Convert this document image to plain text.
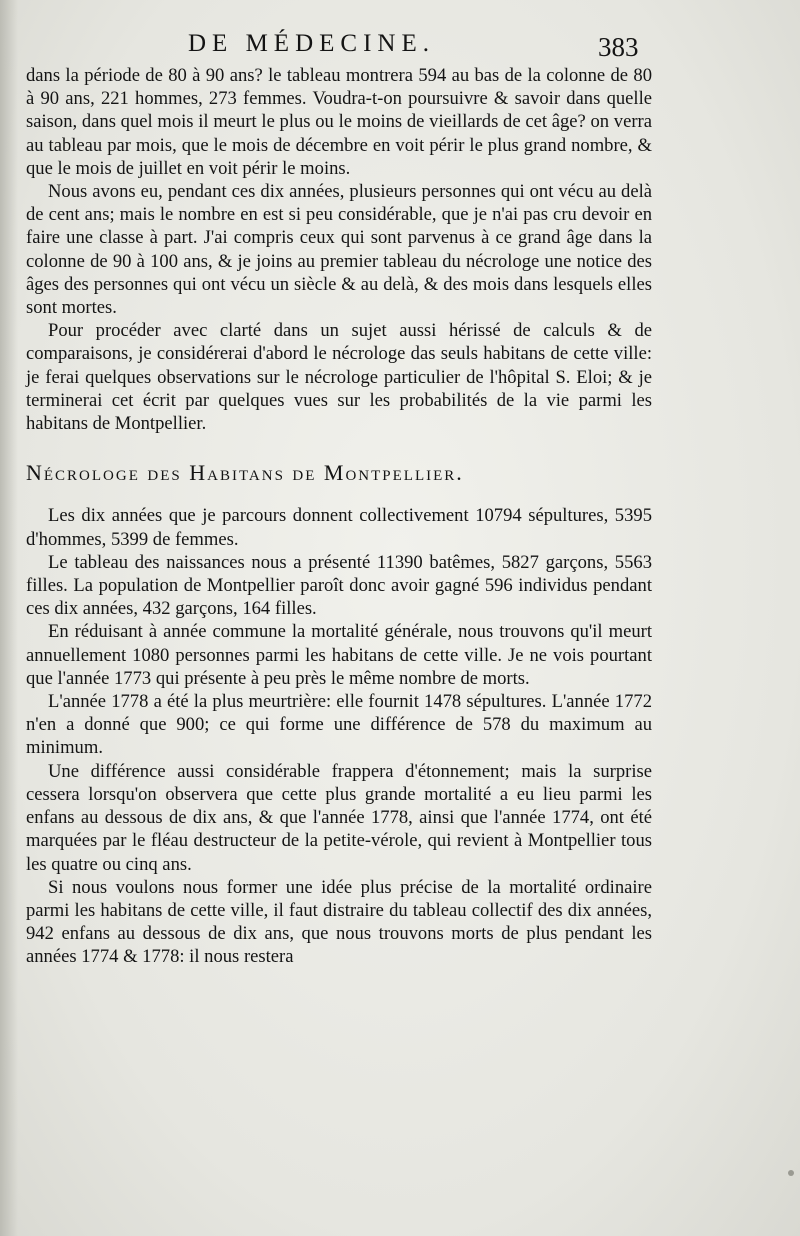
DE MÉDECINE.	383

dans la période de 80 à 90 ans? le tableau montrera 594 au bas de la colonne de 80 à 90 ans, 221 hommes, 273 femmes. Voudra-t-on poursuivre & savoir dans quelle saison, dans quel mois il meurt le plus ou le moins de vieillards de cet âge? on verra au tableau par mois, que le mois de décembre en voit périr le plus grand nombre, & que le mois de juillet en voit périr le moins.

Nous avons eu, pendant ces dix années, plusieurs personnes qui ont vécu au delà de cent ans; mais le nombre en est si peu considérable, que je n'ai pas cru devoir en faire une classe à part. J'ai compris ceux qui sont parvenus à ce grand âge dans la colonne de 90 à 100 ans, & je joins au premier tableau du nécrologe une notice des âges des personnes qui ont vécu un siècle & au delà, & des mois dans lesquels elles sont mortes.

Pour procéder avec clarté dans un sujet aussi hérissé de calculs & de comparaisons, je considérerai d'abord le nécrologe das seuls habitans de cette ville: je ferai quelques observations sur le nécrologe particulier de l'hôpital S. Eloi; & je terminerai cet écrit par quelques vues sur les probabilités de la vie parmi les habitans de Montpellier.

Nécrologe des Habitans de Montpellier.

Les dix années que je parcours donnent collectivement 10794 sépultures, 5395 d'hommes, 5399 de femmes.

Le tableau des naissances nous a présenté 11390 batêmes, 5827 garçons, 5563 filles. La population de Montpellier paroît donc avoir gagné 596 individus pendant ces dix années, 432 garçons, 164 filles.

En réduisant à année commune la mortalité générale, nous trouvons qu'il meurt annuellement 1080 personnes parmi les habitans de cette ville. Je ne vois pourtant que l'année 1773 qui présente à peu près le même nombre de morts.

L'année 1778 a été la plus meurtrière: elle fournit 1478 sépultures. L'année 1772 n'en a donné que 900; ce qui forme une différence de 578 du maximum au minimum.

Une différence aussi considérable frappera d'étonnement; mais la surprise cessera lorsqu'on observera que cette plus grande mortalité a eu lieu parmi les enfans au dessous de dix ans, & que l'année 1778, ainsi que l'année 1774, ont été marquées par le fléau destructeur de la petite-vérole, qui revient à Montpellier tous les quatre ou cinq ans.

Si nous voulons nous former une idée plus précise de la mortalité ordinaire parmi les habitans de cette ville, il faut distraire du tableau collectif des dix années, 942 enfans au dessous de dix ans, que nous trouvons morts de plus pendant les années 1774 & 1778: il nous restera
